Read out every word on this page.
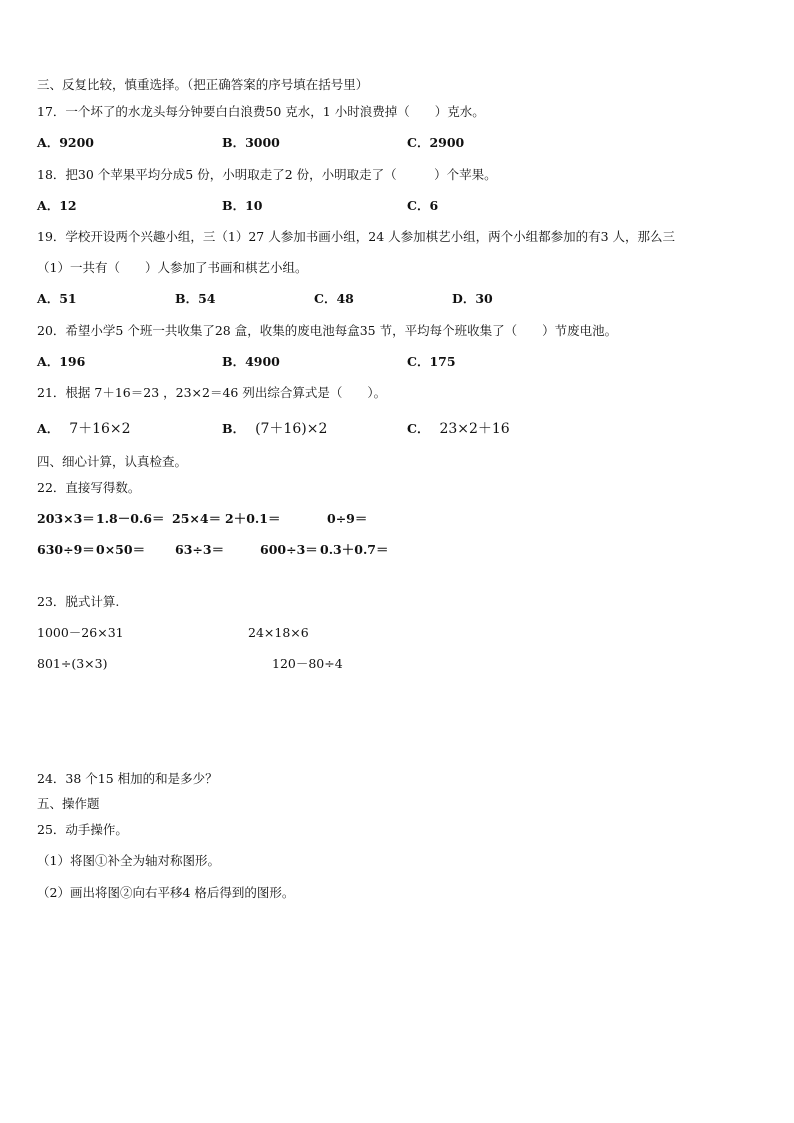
三、反复比较，慎重选择。（把正确答案的序号填在括号里）
17．一个坏了的水龙头每分钟要白白浪费50 克水，1 小时浪费掉（　　）克水。
A．9200	B．3000	C．2900
18．把30 个苹果平均分成5 份，小明取走了2 份，小明取走了（　　　）个苹果。
A．12	B．10	C．6
19．学校开设两个兴趣小组，三（1）27 人参加书画小组，24 人参加棋艺小组，两个小组都参加的有3 人，那么三
（1）一共有（　　）人参加了书画和棋艺小组。
A．51	B．54	C．48	D．30
20．希望小学5 个班一共收集了28 盒，收集的废电池每盒35 节，平均每个班收集了（　　）节废电池。
A．196	B．4900	C．175
21．根据 7＋16＝23 ，23×2＝46 列出综合算式是（　　）。
A． 7＋16×2	B． (7＋16)×2	C． 23×2＋16
四、细心计算，认真检查。
22．直接写得数。
203×3＝ 1.8－0.6＝ 25×4＝ 2＋0.1＝	0÷9＝
630÷9＝ 0×50＝ 63÷3＝	600÷3＝ 0.3＋0.7＝
23．脱式计算.
1000－26×31	24×18×6
801÷(3×3)	120－80÷4
24．38 个15 相加的和是多少？
五、操作题
25．动手操作。
（1）将图①补全为轴对称图形。
（2）画出将图②向右平移4 格后得到的图形。
